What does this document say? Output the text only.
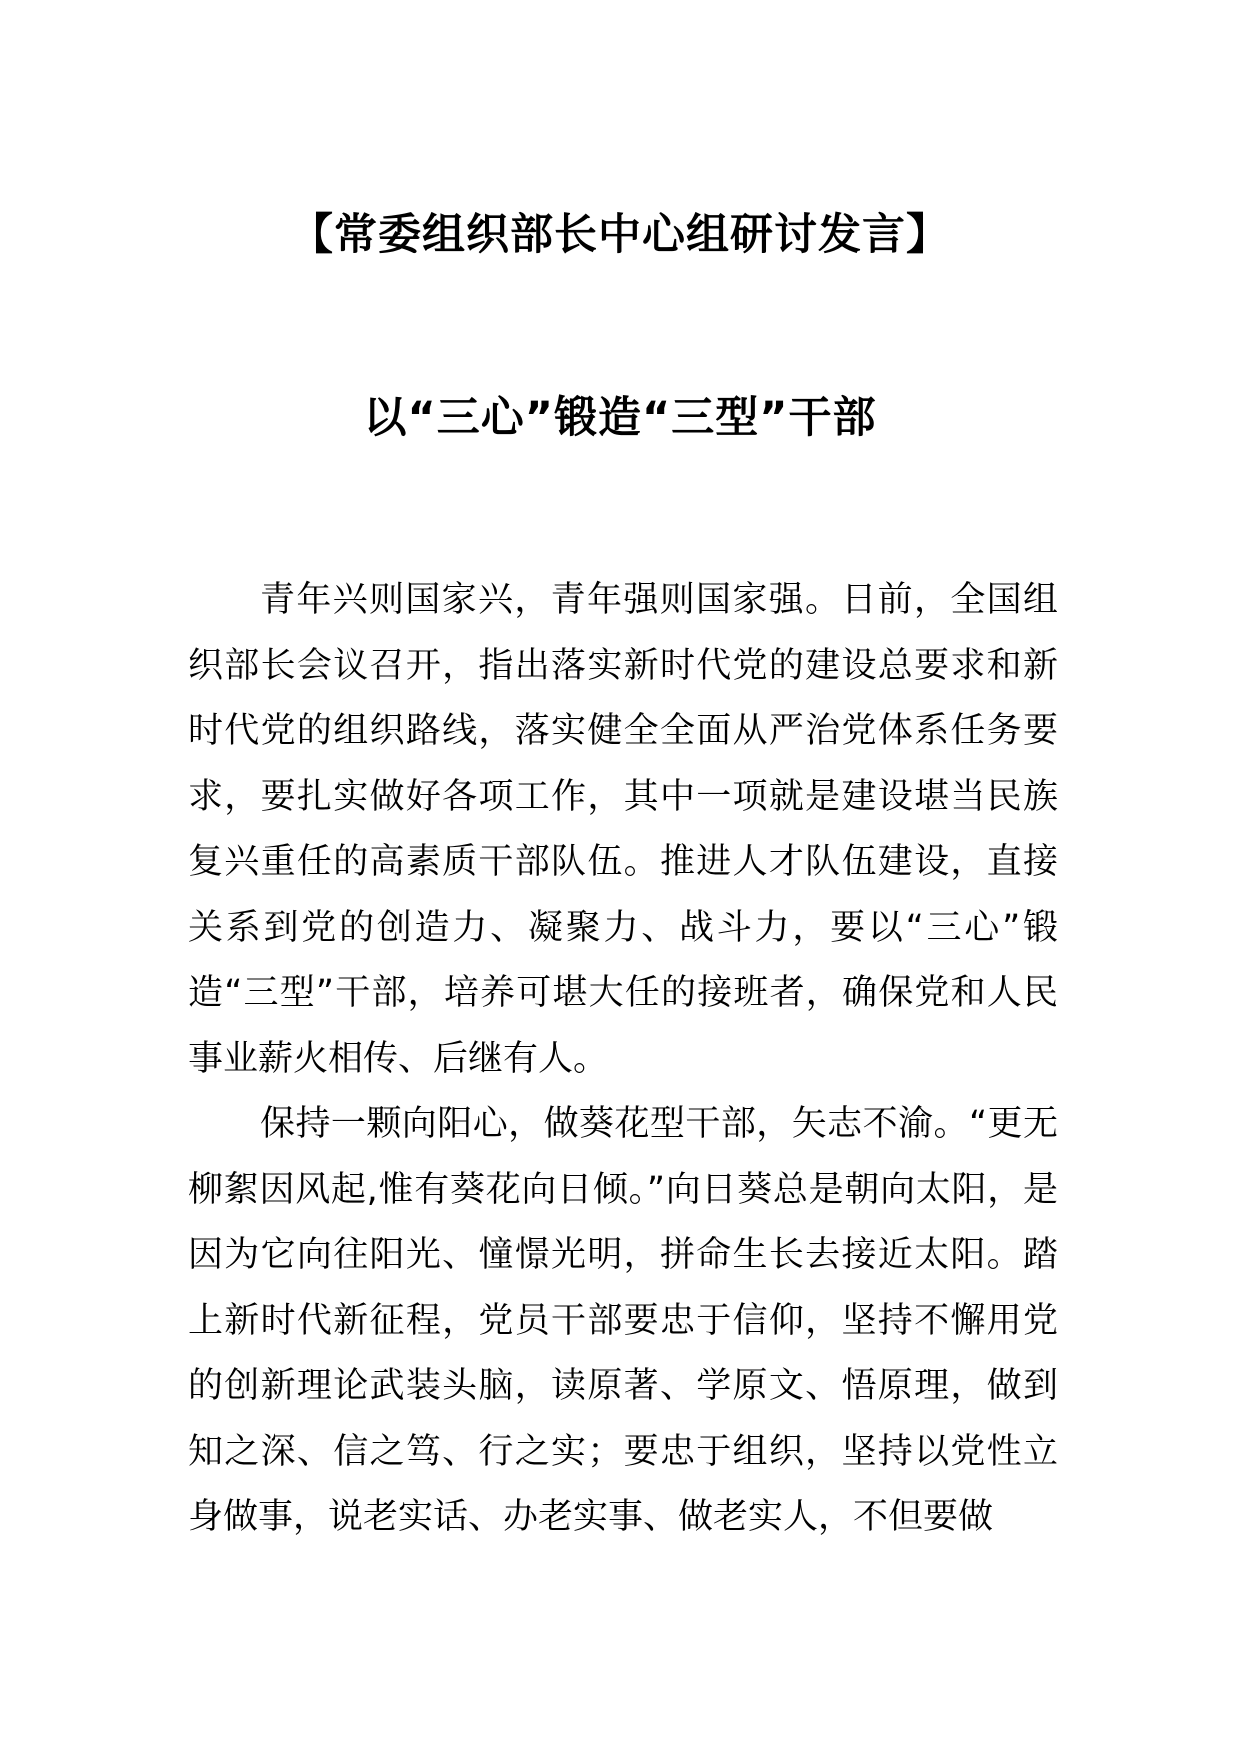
【常委组织部长中心组研讨发言】
以“三心”锻造“三型”干部

青年兴则国家兴，青年强则国家强。日前，全国组织部长会议召开，指出落实新时代党的建设总要求和新时代党的组织路线，落实健全全面从严治党体系任务要求，要扎实做好各项工作，其中一项就是建设堪当民族复兴重任的高素质干部队伍。推进人才队伍建设，直接关系到党的创造力、凝聚力、战斗力，要以“三心”锻造“三型”干部，培养可堪大任的接班者，确保党和人民事业薪火相传、后继有人。

保持一颗向阳心，做葵花型干部，矢志不渝。“更无柳絮因风起,惟有葵花向日倾。”向日葵总是朝向太阳，是因为它向往阳光、憧憬光明，拼命生长去接近太阳。踏上新时代新征程，党员干部要忠于信仰，坚持不懈用党的创新理论武装头脑，读原著、学原文、悟原理，做到知之深、信之笃、行之实；要忠于组织，坚持以党性立身做事，说老实话、办老实事、做老实人，不但要做
